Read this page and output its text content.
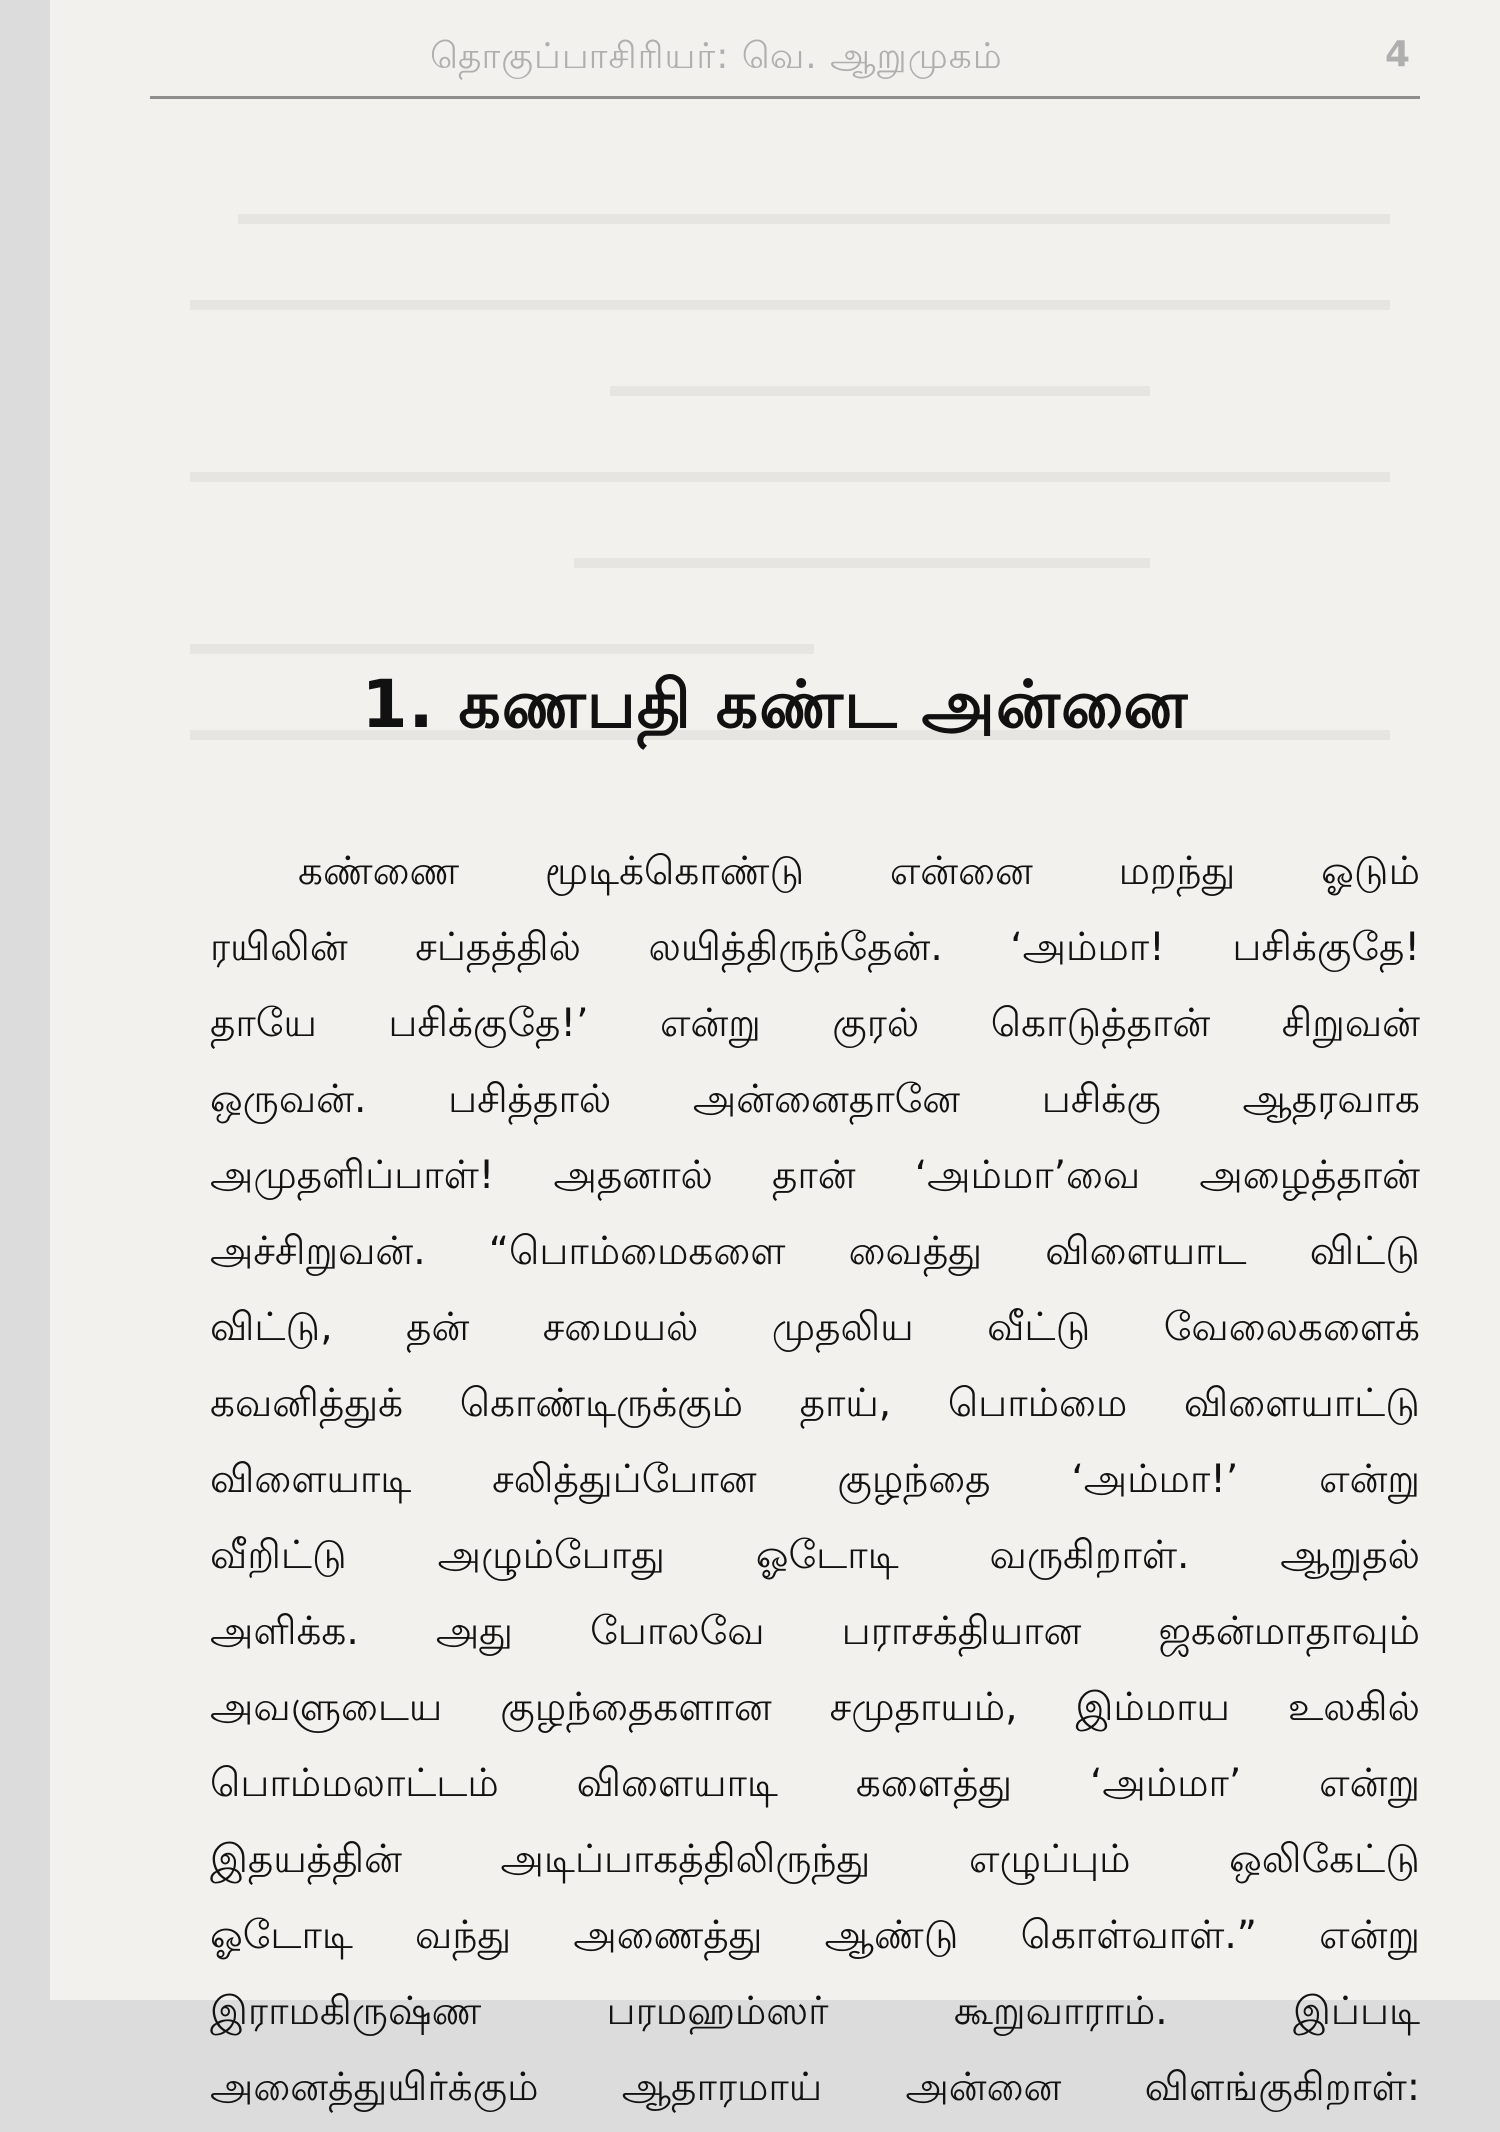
தொகுப்பாசிரியர்: வெ. ஆறுமுகம்	4
1. கணபதி கண்ட அன்னை
கண்ணை மூடிக்கொண்டு என்னை மறந்து ஓடும்
ரயிலின் சப்தத்தில் லயித்திருந்தேன். ‘அம்மா! பசிக்குதே!
தாயே பசிக்குதே!’ என்று குரல் கொடுத்தான் சிறுவன்
ஒருவன். பசித்தால் அன்னைதானே பசிக்கு ஆதரவாக
அமுதளிப்பாள்! அதனால் தான் ‘அம்மா’வை அழைத்தான்
அச்சிறுவன். “பொம்மைகளை வைத்து விளையாட விட்டு
விட்டு, தன் சமையல் முதலிய வீட்டு வேலைகளைக்
கவனித்துக் கொண்டிருக்கும் தாய், பொம்மை விளையாட்டு
விளையாடி சலித்துப்போன குழந்தை ‘அம்மா!’ என்று
வீறிட்டு அழும்போது ஓடோடி வருகிறாள். ஆறுதல்
அளிக்க. அது போலவே பராசக்தியான ஜகன்மாதாவும்
அவளுடைய குழந்தைகளான சமுதாயம், இம்மாய உலகில்
பொம்மலாட்டம் விளையாடி களைத்து ‘அம்மா’ என்று
இதயத்தின் அடிப்பாகத்திலிருந்து எழுப்பும் ஒலிகேட்டு
ஓடோடி வந்து அணைத்து ஆண்டு கொள்வாள்.” என்று
இராமகிருஷ்ண பரமஹம்ஸர் கூறுவாராம். இப்படி
அனைத்துயிர்க்கும் ஆதாரமாய் அன்னை விளங்குகிறாள்:
